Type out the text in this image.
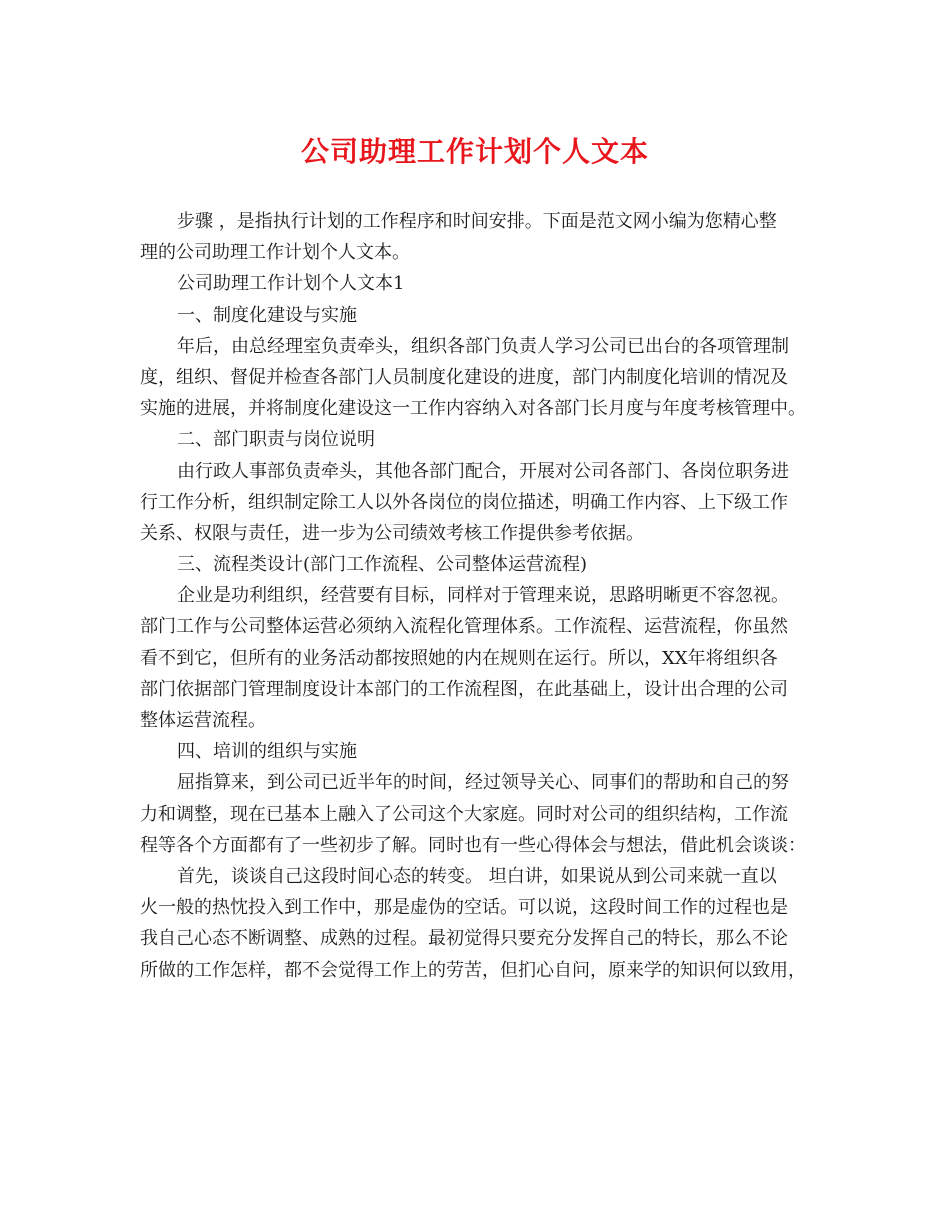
公司助理工作计划个人文本
步骤 ，是指执行计划的工作程序和时间安排。下面是范文网小编为您精心整
理的公司助理工作计划个人文本。
公司助理工作计划个人文本1
一、制度化建设与实施
年后，由总经理室负责牵头，组织各部门负责人学习公司已出台的各项管理制
度，组织、督促并检查各部门人员制度化建设的进度，部门内制度化培训的情况及
实施的进展，并将制度化建设这一工作内容纳入对各部门长月度与年度考核管理中。
二、部门职责与岗位说明
由行政人事部负责牵头，其他各部门配合，开展对公司各部门、各岗位职务进
行工作分析，组织制定除工人以外各岗位的岗位描述，明确工作内容、上下级工作
关系、权限与责任，进一步为公司绩效考核工作提供参考依据。
三、流程类设计(部门工作流程、公司整体运营流程)
企业是功利组织，经营要有目标，同样对于管理来说，思路明晰更不容忽视。
部门工作与公司整体运营必须纳入流程化管理体系。工作流程、运营流程，你虽然
看不到它，但所有的业务活动都按照她的内在规则在运行。所以，XX年将组织各
部门依据部门管理制度设计本部门的工作流程图，在此基础上，设计出合理的公司
整体运营流程。
四、培训的组织与实施
屈指算来，到公司已近半年的时间，经过领导关心、同事们的帮助和自己的努
力和调整，现在已基本上融入了公司这个大家庭。同时对公司的组织结构，工作流
程等各个方面都有了一些初步了解。同时也有一些心得体会与想法，借此机会谈谈：
首先，谈谈自己这段时间心态的转变。 坦白讲，如果说从到公司来就一直以
火一般的热忱投入到工作中，那是虚伪的空话。可以说，这段时间工作的过程也是
我自己心态不断调整、成熟的过程。最初觉得只要充分发挥自己的特长，那么不论
所做的工作怎样，都不会觉得工作上的劳苦，但扪心自问，原来学的知识何以致用，
